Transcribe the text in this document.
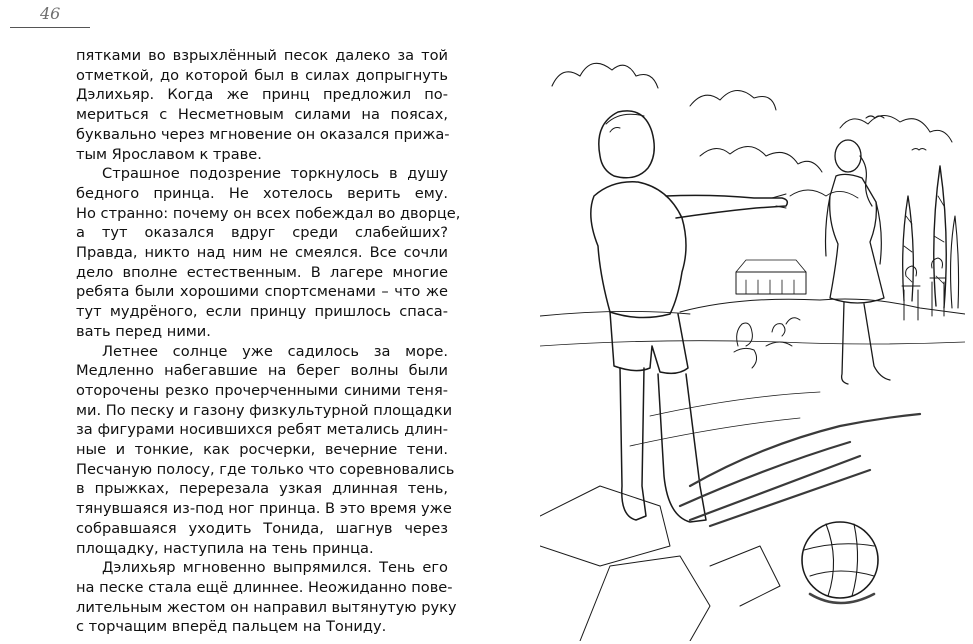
46
пятками во взрыхлённый песок далеко за той
отметкой, до которой был в силах допрыгнуть
Дэлихьяр. Когда же принц предложил по-
мериться с Несметновым силами на поясах,
буквально через мгновение он оказался прижа-
тым Ярославом к траве.
Страшное подозрение торкнулось в душу
бедного принца. Не хотелось верить ему.
Но странно: почему он всех побеждал во дворце,
а тут оказался вдруг среди слабейших?
Правда, никто над ним не смеялся. Все сочли
дело вполне естественным. В лагере многие
ребята были хорошими спортсменами – что же
тут мудрёного, если принцу пришлось спаса-
вать перед ними.
Летнее солнце уже садилось за море.
Медленно набегавшие на берег волны были
оторочены резко прочерченными синими теня-
ми. По песку и газону физкультурной площадки
за фигурами носившихся ребят метались длин-
ные и тонкие, как росчерки, вечерние тени.
Песчаную полосу, где только что соревновались
в прыжках, перерезала узкая длинная тень,
тянувшаяся из-под ног принца. В это время уже
собравшаяся уходить Тонида, шагнув через
площадку, наступила на тень принца.
Дэлихьяр мгновенно выпрямился. Тень его
на песке стала ещё длиннее. Неожиданно пове-
лительным жестом он направил вытянутую руку
с торчащим вперёд пальцем на Тониду.
